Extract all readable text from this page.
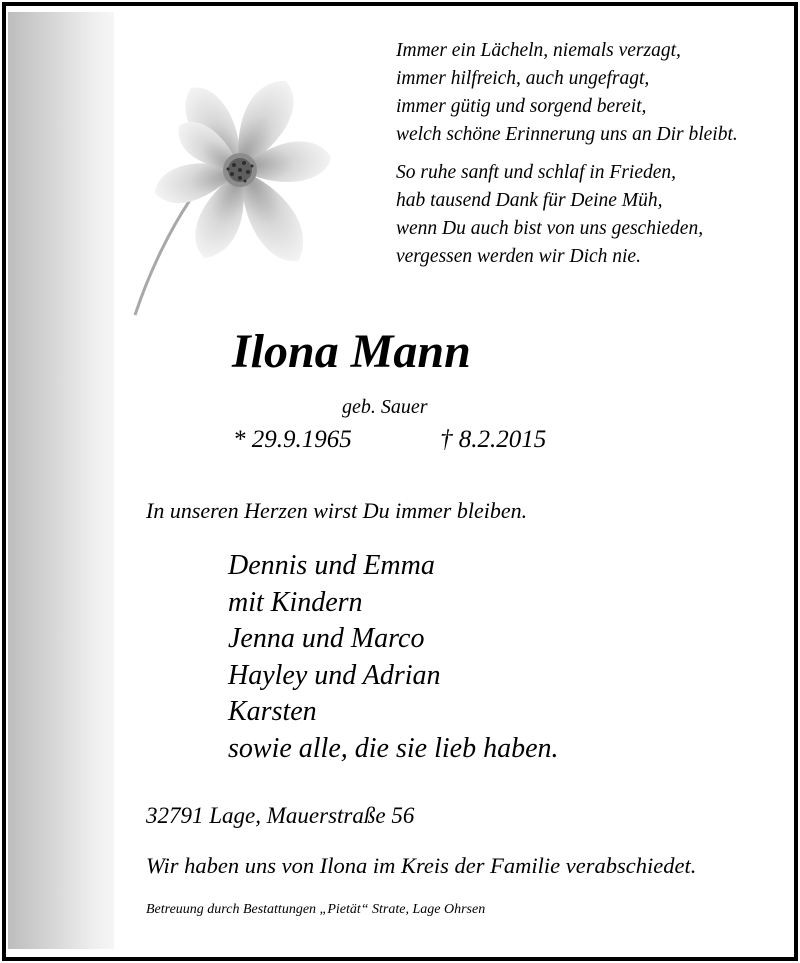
Immer ein Lächeln, niemals verzagt,
immer hilfreich, auch ungefragt,
immer gütig und sorgend bereit,
welch schöne Erinnerung uns an Dir bleibt.
So ruhe sanft und schlaf in Frieden,
hab tausend Dank für Deine Müh,
wenn Du auch bist von uns geschieden,
vergessen werden wir Dich nie.
Ilona Mann
geb. Sauer
* 29.9.1965	† 8.2.2015
In unseren Herzen wirst Du immer bleiben.
Dennis und Emma
mit Kindern
Jenna und Marco
Hayley und Adrian
Karsten
sowie alle, die sie lieb haben.
32791 Lage, Mauerstraße 56
Wir haben uns von Ilona im Kreis der Familie verabschiedet.
Betreuung durch Bestattungen „Pietät“ Strate, Lage Ohrsen
